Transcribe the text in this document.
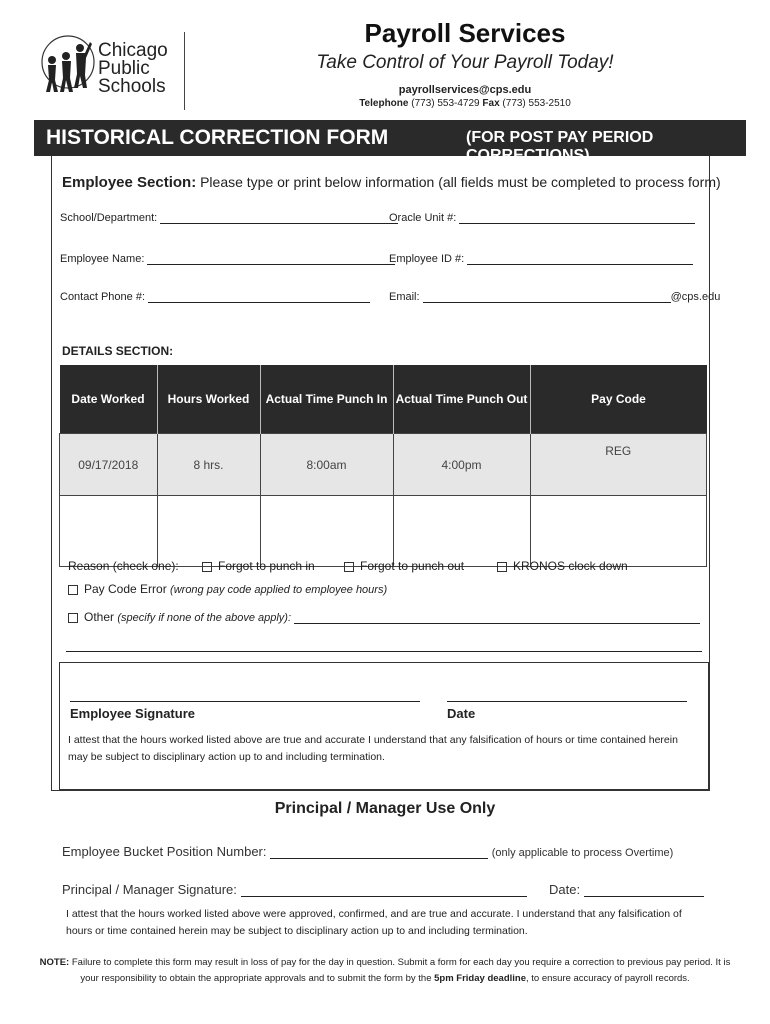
Chicago
Public
Schools
Payroll Services
Take Control of Your Payroll Today!
payrollservices@cps.edu
Telephone (773) 553-4729 Fax (773) 553-2510
HISTORICAL CORRECTION FORM	(FOR POST PAY PERIOD CORRECTIONS)
Employee Section: Please type or print below information (all fields must be completed to process form)
School/Department:	Oracle Unit #:
Employee Name:	Employee ID #:
Contact Phone #:	Email:	@cps.edu
DETAILS SECTION:
Date Worked	Hours Worked	Actual Time Punch In	Actual Time Punch Out	Pay Code
09/17/2018	8 hrs.	8:00am	4:00pm	REG

Reason (check one):	Forgot to punch in	Forgot to punch out	KRONOS clock down
Pay Code Error (wrong pay code applied to employee hours)
Other (specify if none of the above apply):
Employee Signature	Date
I attest that the hours worked listed above are true and accurate I understand that any falsification of hours or time contained herein may be subject to disciplinary action up to and including termination.
Principal / Manager Use Only
Employee Bucket Position Number:	(only applicable to process Overtime)
Principal / Manager Signature:	Date:
I attest that the hours worked listed above were approved, confirmed, and are true and accurate. I understand that any falsification of hours or time contained herein may be subject to disciplinary action up to and including termination.
NOTE: Failure to complete this form may result in loss of pay for the day in question. Submit a form for each day you require a correction to previous pay period. It is your responsibility to obtain the appropriate approvals and to submit the form by the 5pm Friday deadline, to ensure accuracy of payroll records.
